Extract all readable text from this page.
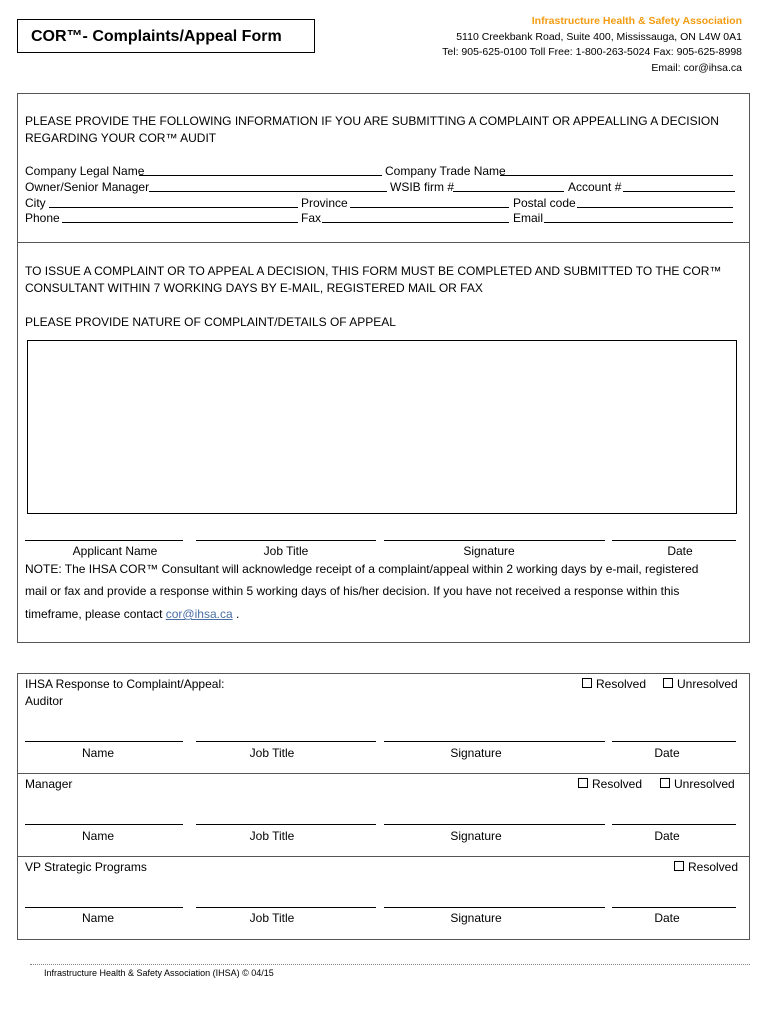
COR™- Complaints/Appeal Form
Infrastructure Health & Safety Association
5110 Creekbank Road, Suite 400, Mississauga, ON L4W 0A1
Tel: 905-625-0100 Toll Free: 1-800-263-5024 Fax: 905-625-8998
Email: cor@ihsa.ca
PLEASE PROVIDE THE FOLLOWING INFORMATION IF YOU ARE SUBMITTING A COMPLAINT OR APPEALLING A DECISION
REGARDING YOUR COR™ AUDIT
Company Legal Name	Company Trade Name
Owner/Senior Manager	WSIB firm #	Account #
City	Province	Postal code
Phone	Fax	Email
TO ISSUE A COMPLAINT OR TO APPEAL A DECISION, THIS FORM MUST BE COMPLETED AND SUBMITTED TO THE COR™
CONSULTANT WITHIN 7 WORKING DAYS BY E-MAIL, REGISTERED MAIL OR FAX
PLEASE PROVIDE NATURE OF COMPLAINT/DETAILS OF APPEAL
Applicant Name	Job Title	Signature	Date
NOTE: The IHSA COR™ Consultant will acknowledge receipt of a complaint/appeal within 2 working days by e-mail, registered
mail or fax and provide a response within 5 working days of his/her decision. If you have not received a response within this
timeframe, please contact cor@ihsa.ca .
IHSA Response to Complaint/Appeal:
Auditor
Resolved	Unresolved
Name	Job Title	Signature	Date
Manager	Resolved	Unresolved
Name	Job Title	Signature	Date
VP Strategic Programs	Resolved
Name	Job Title	Signature	Date
Infrastructure Health & Safety Association (IHSA) © 04/15
